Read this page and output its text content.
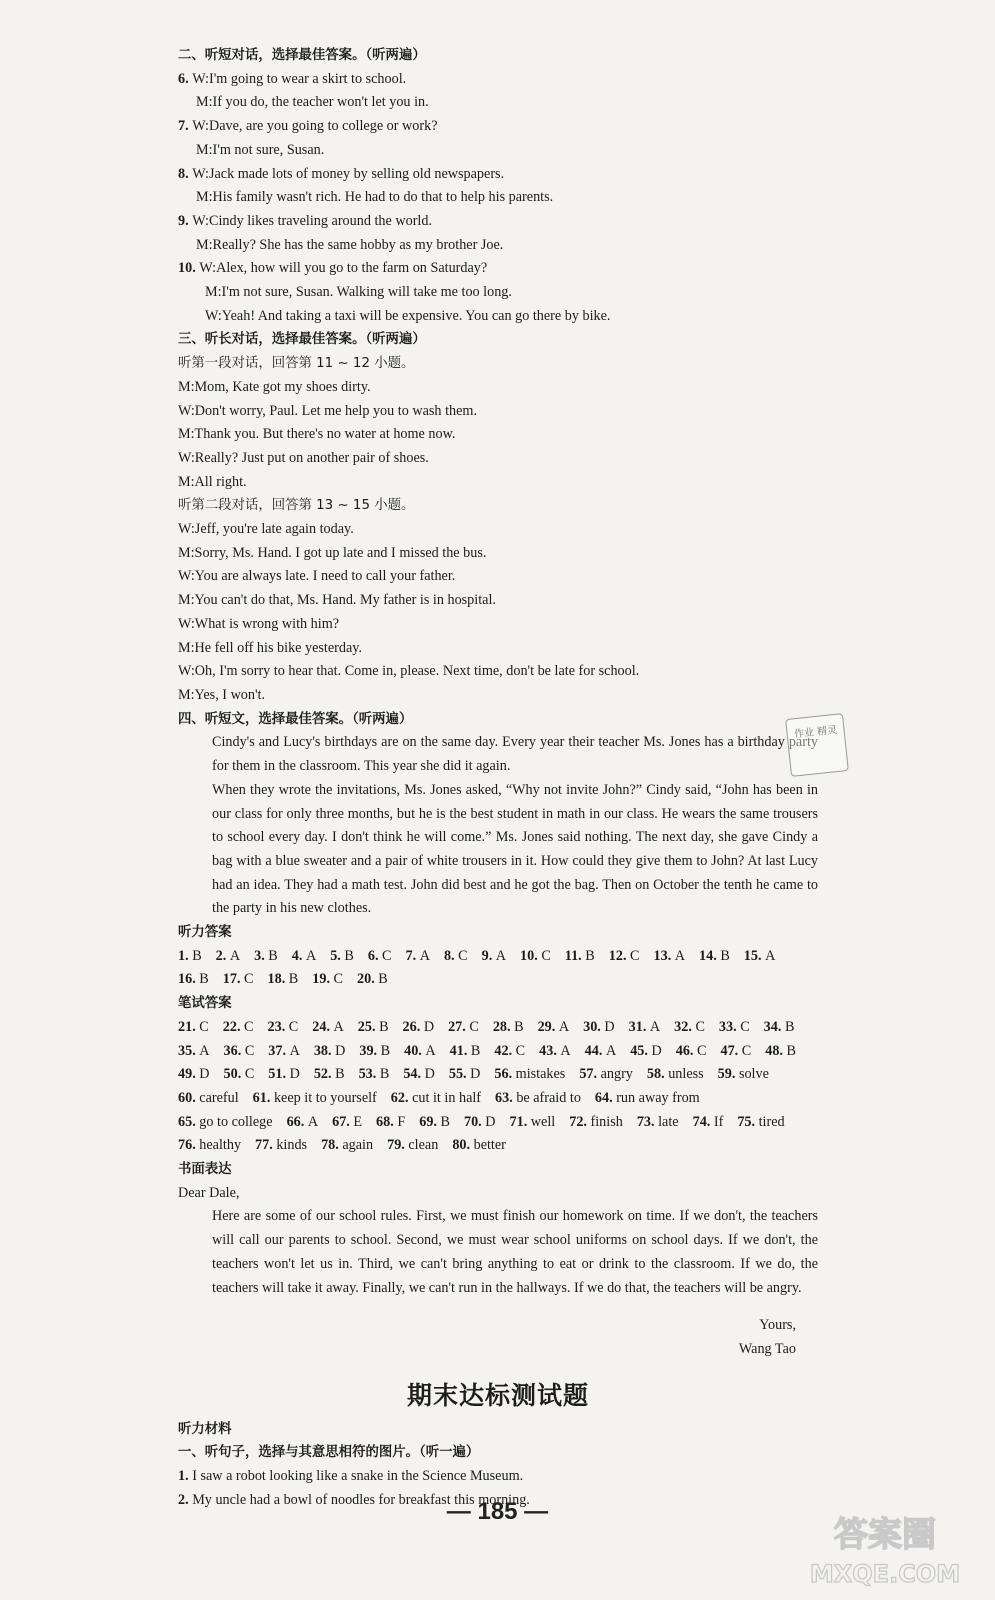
二、听短对话，选择最佳答案。（听两遍）
6. W:I'm going to wear a skirt to school.
M:If you do, the teacher won't let you in.
7. W:Dave, are you going to college or work?
M:I'm not sure, Susan.
8. W:Jack made lots of money by selling old newspapers.
M:His family wasn't rich. He had to do that to help his parents.
9. W:Cindy likes traveling around the world.
M:Really? She has the same hobby as my brother Joe.
10. W:Alex, how will you go to the farm on Saturday?
M:I'm not sure, Susan. Walking will take me too long.
W:Yeah! And taking a taxi will be expensive. You can go there by bike.
三、听长对话，选择最佳答案。（听两遍）
听第一段对话，回答第 11 ~ 12 小题。
M:Mom, Kate got my shoes dirty.
W:Don't worry, Paul. Let me help you to wash them.
M:Thank you. But there's no water at home now.
W:Really? Just put on another pair of shoes.
M:All right.
听第二段对话，回答第 13 ~ 15 小题。
W:Jeff, you're late again today.
M:Sorry, Ms. Hand. I got up late and I missed the bus.
W:You are always late. I need to call your father.
M:You can't do that, Ms. Hand. My father is in hospital.
W:What is wrong with him?
M:He fell off his bike yesterday.
W:Oh, I'm sorry to hear that. Come in, please. Next time, don't be late for school.
M:Yes, I won't.
四、听短文，选择最佳答案。（听两遍）
Cindy's and Lucy's birthdays are on the same day. Every year their teacher Ms. Jones has a birthday party for them in the classroom. This year she did it again.
When they wrote the invitations, Ms. Jones asked, “Why not invite John?” Cindy said, “John has been in our class for only three months, but he is the best student in math in our class. He wears the same trousers to school every day. I don't think he will come.” Ms. Jones said nothing. The next day, she gave Cindy a bag with a blue sweater and a pair of white trousers in it. How could they give them to John? At last Lucy had an idea. They had a math test. John did best and he got the bag. Then on October the tenth he came to the party in his new clothes.
听力答案
1. B 2. A 3. B 4. A 5. B 6. C 7. A 8. C 9. A 10. C 11. B 12. C 13. A 14. B 15. A
16. B 17. C 18. B 19. C 20. B
笔试答案
21. C 22. C 23. C 24. A 25. B 26. D 27. C 28. B 29. A 30. D 31. A 32. C 33. C 34. B
35. A 36. C 37. A 38. D 39. B 40. A 41. B 42. C 43. A 44. A 45. D 46. C 47. C 48. B
49. D 50. C 51. D 52. B 53. B 54. D 55. D 56. mistakes 57. angry 58. unless 59. solve
60. careful 61. keep it to yourself 62. cut it in half 63. be afraid to 64. run away from
65. go to college 66. A 67. E 68. F 69. B 70. D 71. well 72. finish 73. late 74. If 75. tired
76. healthy 77. kinds 78. again 79. clean 80. better
书面表达
Dear Dale,
Here are some of our school rules. First, we must finish our homework on time. If we don't, the teachers will call our parents to school. Second, we must wear school uniforms on school days. If we don't, the teachers won't let us in. Third, we can't bring anything to eat or drink to the classroom. If we do, the teachers will take it away. Finally, we can't run in the hallways. If we do that, the teachers will be angry.
Yours,
Wang Tao
期末达标测试题
听力材料
一、听句子，选择与其意思相符的图片。（听一遍）
1. I saw a robot looking like a snake in the Science Museum.
2. My uncle had a bowl of noodles for breakfast this morning.
作业 精灵
— 185 —
答案圈
MXQE.COM
